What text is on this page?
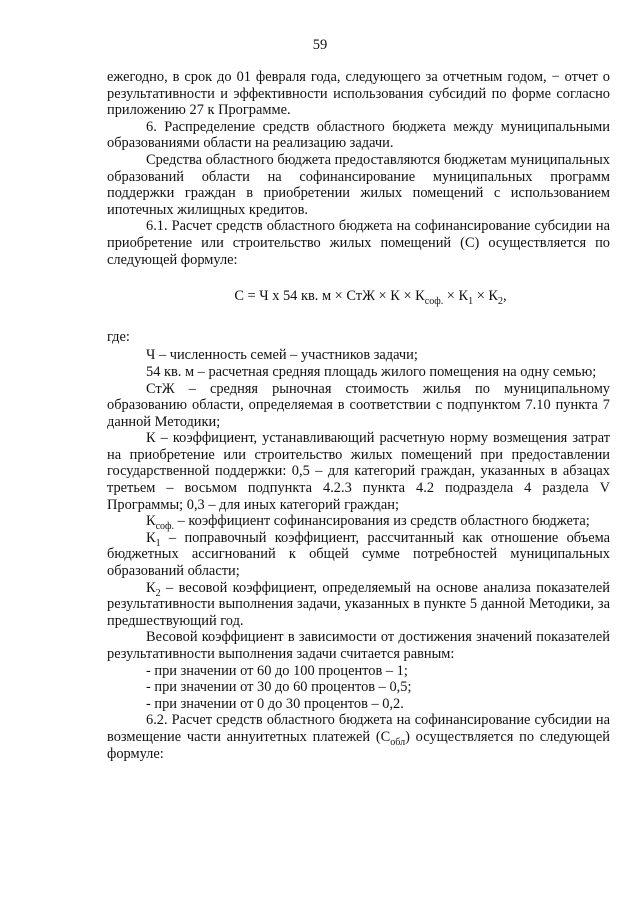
59

ежегодно, в срок до 01 февраля года, следующего за отчетным годом, − отчет о результативности и эффективности использования субсидий по форме согласно приложению 27 к Программе.

6. Распределение средств областного бюджета между муниципальными образованиями области на реализацию задачи.

Средства областного бюджета предоставляются бюджетам муниципальных образований области на софинансирование муниципальных программ поддержки граждан в приобретении жилых помещений с использованием ипотечных жилищных кредитов.

6.1. Расчет средств областного бюджета на софинансирование субсидии на приобретение или строительство жилых помещений (С) осуществляется по следующей формуле:

С = Ч х 54 кв. м × СтЖ × $К \times К_{соф.} \times К_1 \times К_2$,

где:

Ч – численность семей – участников задачи;

54 кв. м – расчетная средняя площадь жилого помещения на одну семью;

СтЖ – средняя рыночная стоимость жилья по муниципальному образованию области, определяемая в соответствии с подпунктом 7.10 пункта 7 данной Методики;

К – коэффициент, устанавливающий расчетную норму возмещения затрат на приобретение или строительство жилых помещений при предоставлении государственной поддержки: 0,5 – для категорий граждан, указанных в абзацах третьем – восьмом подпункта 4.2.3 пункта 4.2 подраздела 4 раздела V Программы; 0,3 – для иных категорий граждан;

$К_{соф.}$ – коэффициент софинансирования из средств областного бюджета;

$К_1$ – поправочный коэффициент, рассчитанный как отношение объема бюджетных ассигнований к общей сумме потребностей муниципальных образований области;

$К_2$ – весовой коэффициент, определяемый на основе анализа показателей результативности выполнения задачи, указанных в пункте 5 данной Методики, за предшествующий год.

Весовой коэффициент в зависимости от достижения значений показателей результативности выполнения задачи считается равным:

- при значении от 60 до 100 процентов – 1;

- при значении от 30 до 60 процентов – 0,5;

- при значении от 0 до 30 процентов – 0,2.

6.2. Расчет средств областного бюджета на софинансирование субсидии на возмещение части аннуитетных платежей $(С_{обл})$ осуществляется по следующей формуле:
